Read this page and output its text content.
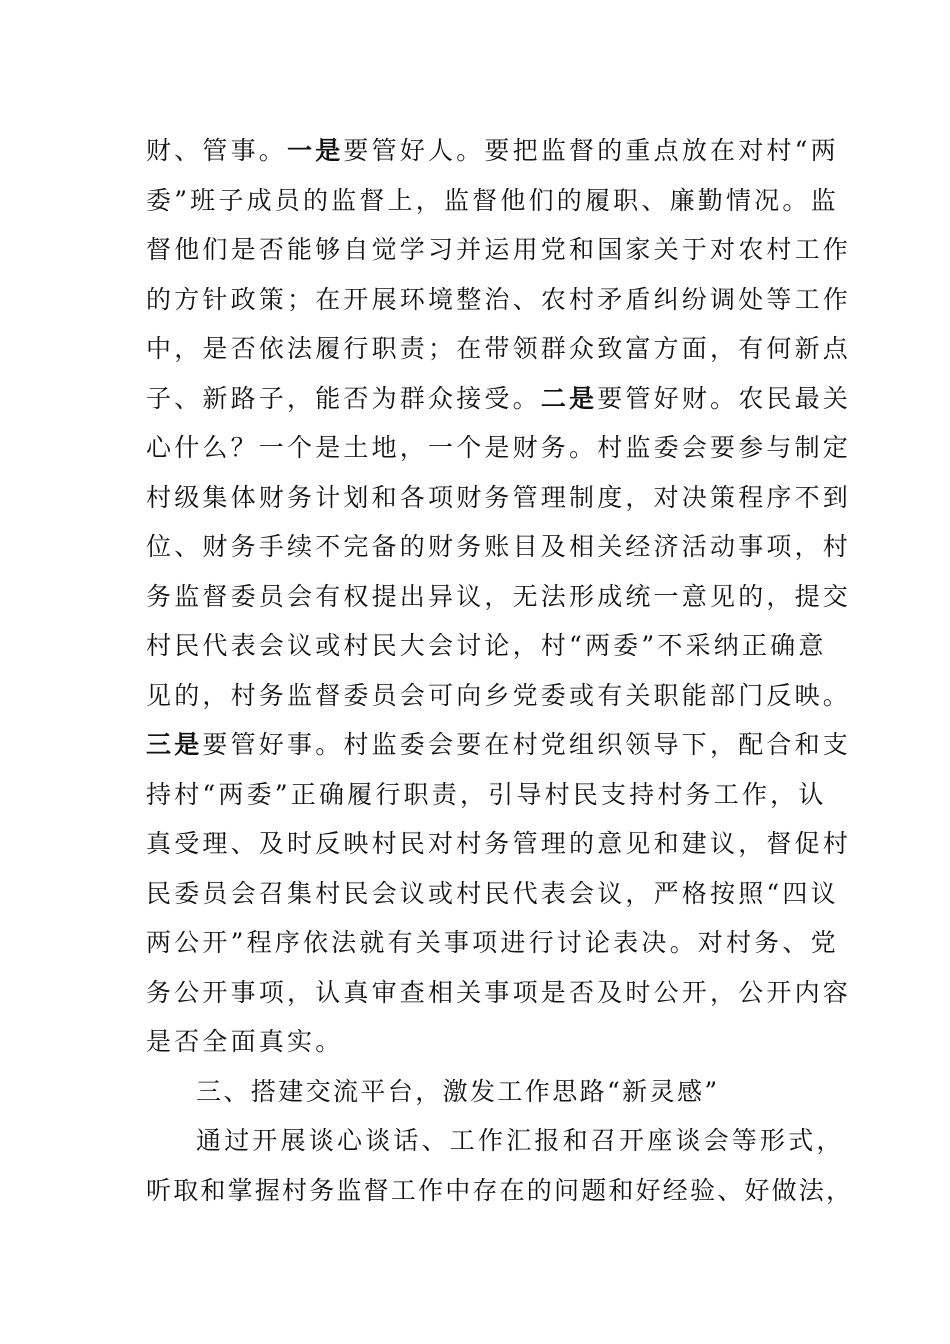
财、管事。一是要管好人。要把监督的重点放在对村“两
委”班子成员的监督上，监督他们的履职、廉勤情况。监
督他们是否能够自觉学习并运用党和国家关于对农村工作
的方针政策；在开展环境整治、农村矛盾纠纷调处等工作
中，是否依法履行职责；在带领群众致富方面，有何新点
子、新路子，能否为群众接受。二是要管好财。农民最关
心什么？一个是土地，一个是财务。村监委会要参与制定
村级集体财务计划和各项财务管理制度，对决策程序不到
位、财务手续不完备的财务账目及相关经济活动事项，村
务监督委员会有权提出异议，无法形成统一意见的，提交
村民代表会议或村民大会讨论，村“两委”不采纳正确意
见的，村务监督委员会可向乡党委或有关职能部门反映。
三是要管好事。村监委会要在村党组织领导下，配合和支
持村“两委”正确履行职责，引导村民支持村务工作，认
真受理、及时反映村民对村务管理的意见和建议，督促村
民委员会召集村民会议或村民代表会议，严格按照“四议
两公开”程序依法就有关事项进行讨论表决。对村务、党
务公开事项，认真审查相关事项是否及时公开，公开内容
是否全面真实。
三、搭建交流平台，激发工作思路“新灵感”
通过开展谈心谈话、工作汇报和召开座谈会等形式，
听取和掌握村务监督工作中存在的问题和好经验、好做法，
